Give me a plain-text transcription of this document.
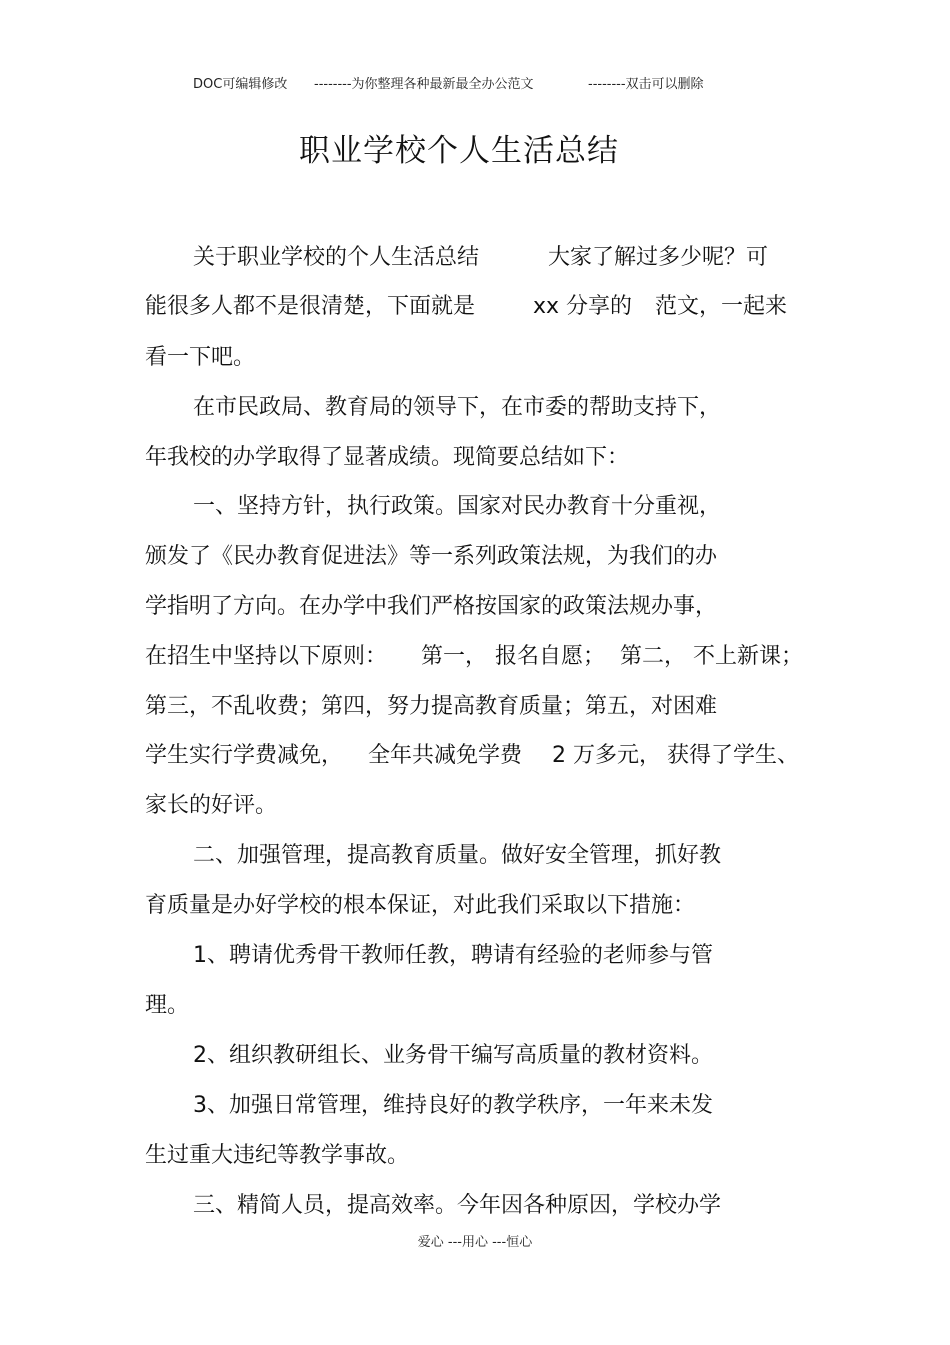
DOC可编辑修改 --------为你整理各种最新最全办公范文	--------双击可以删除
职业学校个人生活总结
关于职业学校的个人生活总结	大家了解过多少呢？可
能很多人都不是很清楚，下面就是	xx 分享的 范文，一起来
看一下吧。
在市民政局、教育局的领导下，在市委的帮助支持下，
年我校的办学取得了显著成绩。现简要总结如下：
一、坚持方针，执行政策。国家对民办教育十分重视，
颁发了《民办教育促进法》等一系列政策法规，为我们的办
学指明了方向。在办学中我们严格按国家的政策法规办事，
在招生中坚持以下原则： 第一， 报名自愿； 第二， 不上新课；
第三，不乱收费；第四，努力提高教育质量；第五，对困难
学生实行学费减免， 全年共减免学费 2 万多元， 获得了学生、
家长的好评。
二、加强管理，提高教育质量。做好安全管理，抓好教
育质量是办好学校的根本保证，对此我们采取以下措施：
1、聘请优秀骨干教师任教，聘请有经验的老师参与管
理。
2、组织教研组长、业务骨干编写高质量的教材资料。
3、加强日常管理，维持良好的教学秩序，一年来未发
生过重大违纪等教学事故。
三、精简人员，提高效率。今年因各种原因，学校办学
爱心 ---用心 ---恒心
